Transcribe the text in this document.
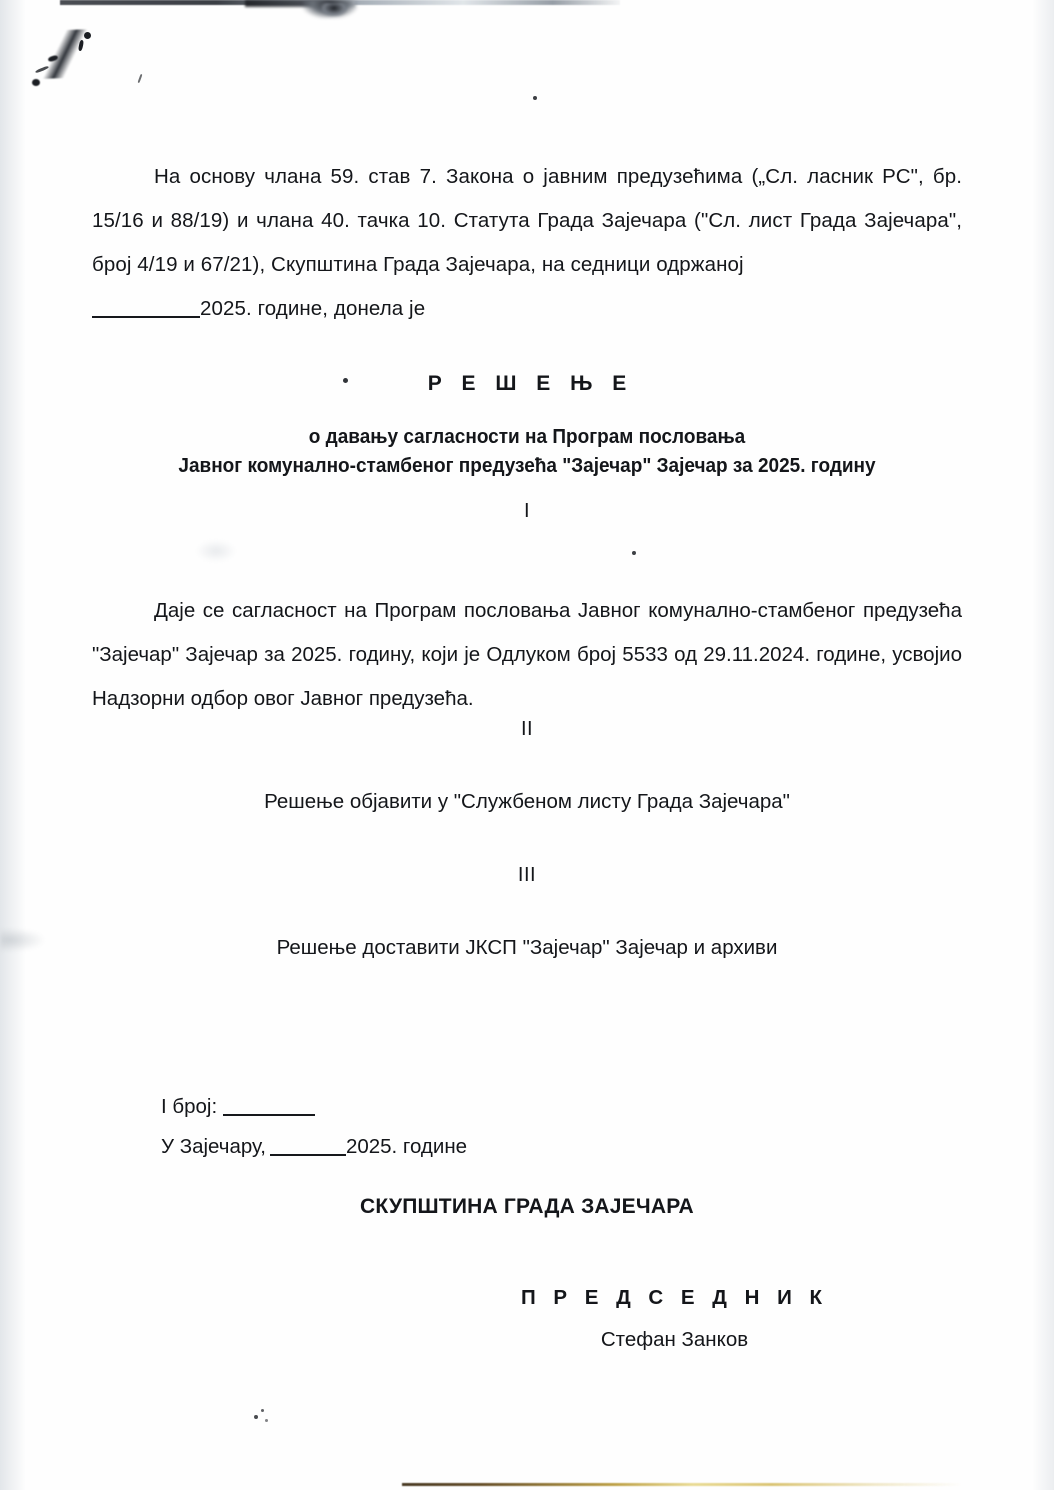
На основу члана 59. став 7. Закона о јавним предузећима („Сл. ласник РС", бр. 15/16 и 88/19) и члана 40. тачка 10. Статута Града Зајечара ("Сл. лист Града Зајечара", број 4/19 и 67/21), Скупштина Града Зајечара, на седници одржаној
2025. године, донела је

Р Е Ш Е Њ Е
о давању сагласности на Програм пословања
Јавног комунално-стамбеног предузећа "Зајечар" Зајечар за 2025. годину
I

Даје се сагласност на Програм пословања Јавног комунално-стамбеног предузећа "Зајечар" Зајечар за 2025. годину, који је Одлуком број 5533 од 29.11.2024. године, усвојио Надзорни одбор овог Јавног предузећа.

II
Решење објавити у "Службеном листу Града Зајечара"
III
Решење доставити ЈКСП "Зајечар" Зајечар и архиви
I број:
У Зајечару,	2025. године
СКУПШТИНА ГРАДА ЗАЈЕЧАРА
П Р Е Д С Е Д Н И К
Стефан Занков
